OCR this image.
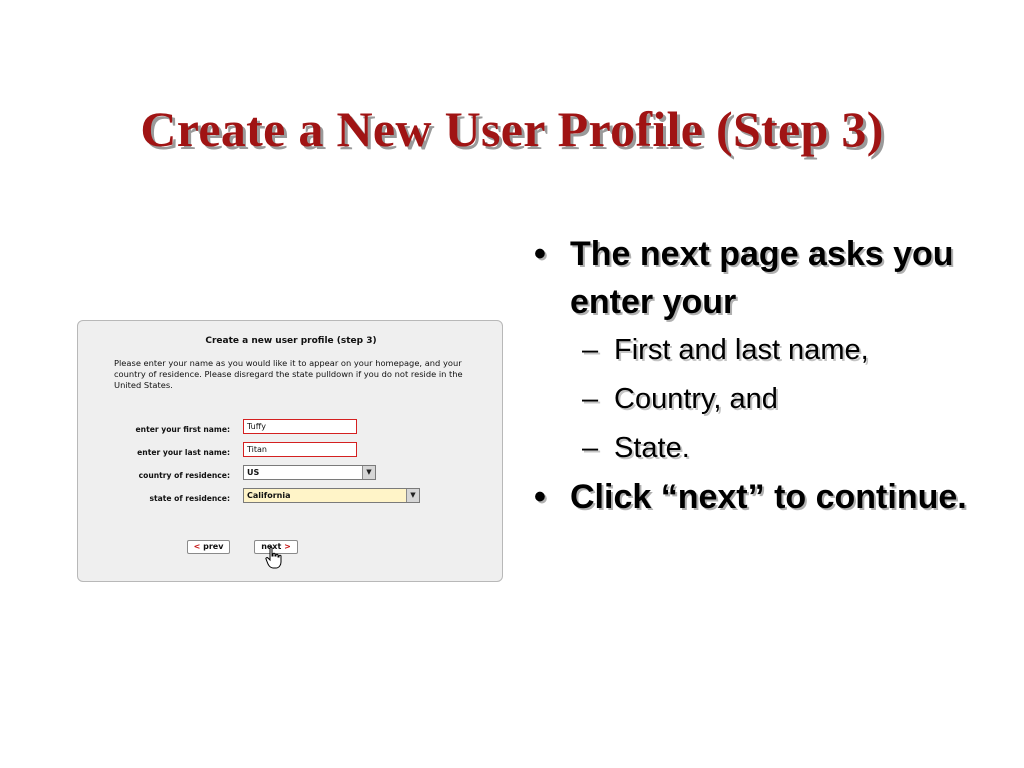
Create a New User Profile (Step 3)
Create a new user profile (step 3)
Please enter your name as you would like it to appear on your homepage, and your country of residence. Please disregard the state pulldown if you do not reside in the United States.
enter your first name:	Tuffy
enter your last name:	Titan
country of residence:	US	▼
state of residence:	California	▼
< prev	next >
• The next page asks you enter your
– First and last name,
– Country, and
– State.
• Click “next” to continue.
